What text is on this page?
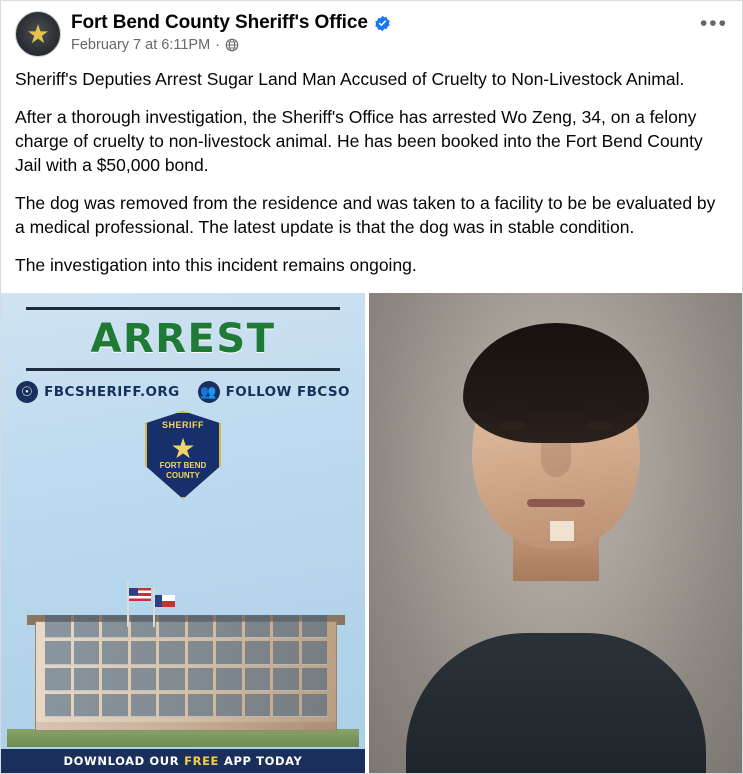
★ Fort Bend County Sheriff's Office
February 7 at 6:11PM ·
•••

Sheriff's Deputies Arrest Sugar Land Man Accused of Cruelty to Non-Livestock Animal.

After a thorough investigation, the Sheriff's Office has arrested Wo Zeng, 34, on a felony charge of cruelty to non-livestock animal. He has been booked into the Fort Bend County Jail with a $50,000 bond.

The dog was removed from the residence and was taken to a facility to be be evaluated by a medical professional. The latest update is that the dog was in stable condition.

The investigation into this incident remains ongoing.

ARREST
☉ FBCSHERIFF.ORG 👥 FOLLOW FBCSO
SHERIFF
★
FORT BEND
COUNTY
DOWNLOAD OUR FREE APP TODAY
